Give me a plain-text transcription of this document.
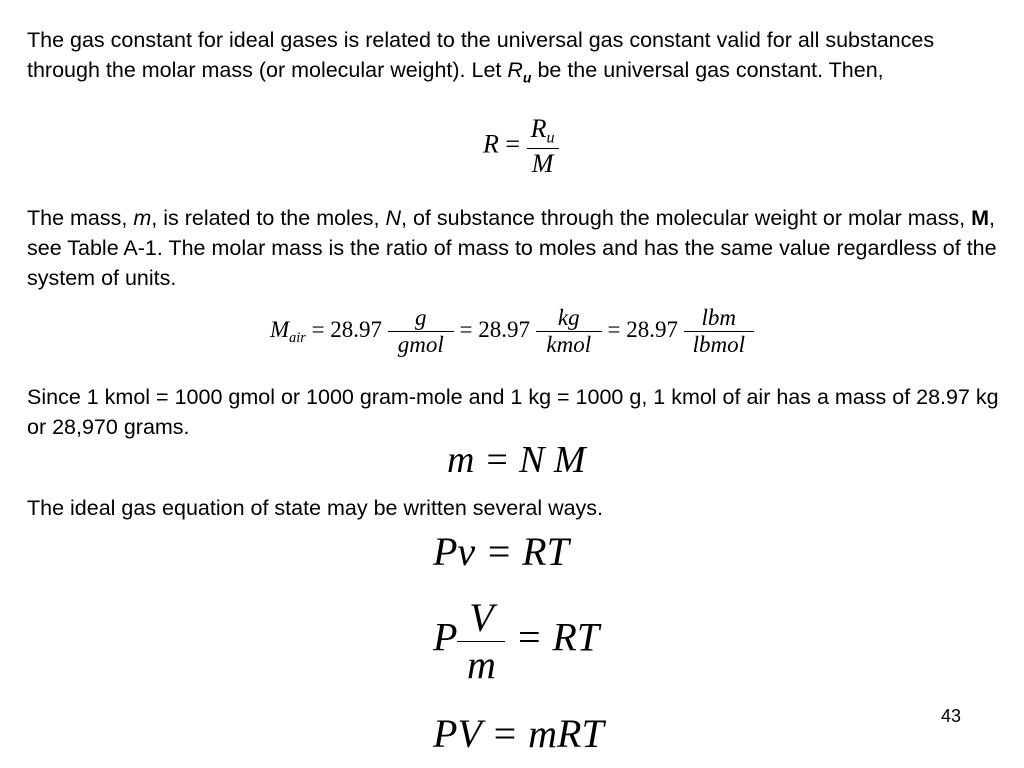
The gas constant for ideal gases is related to the universal gas constant valid for all substances through the molar mass (or molecular weight). Let $R_u$ be the universal gas constant. Then,

$R = \frac{R_u}{M}$

The mass, m, is related to the moles, N, of substance through the molecular weight or molar mass, M, see Table A-1. The molar mass is the ratio of mass to moles and has the same value regardless of the system of units.

$M_{air} = 28.97 \frac{g}{\text{gmol}} = 28.97 \frac{kg}{\text{kmol}} = 28.97 \frac{\text{lbm}}{\text{lbmol}}$

Since 1 kmol = 1000 gmol or 1000 gram-mole and 1 kg = 1000 g, 1 kmol of air has a mass of 28.97 kg or 28,970 grams.

m = N M

The ideal gas equation of state may be written several ways.

Pv = RT
P $\frac{V}{m}$ = RT
PV = mRT	43
